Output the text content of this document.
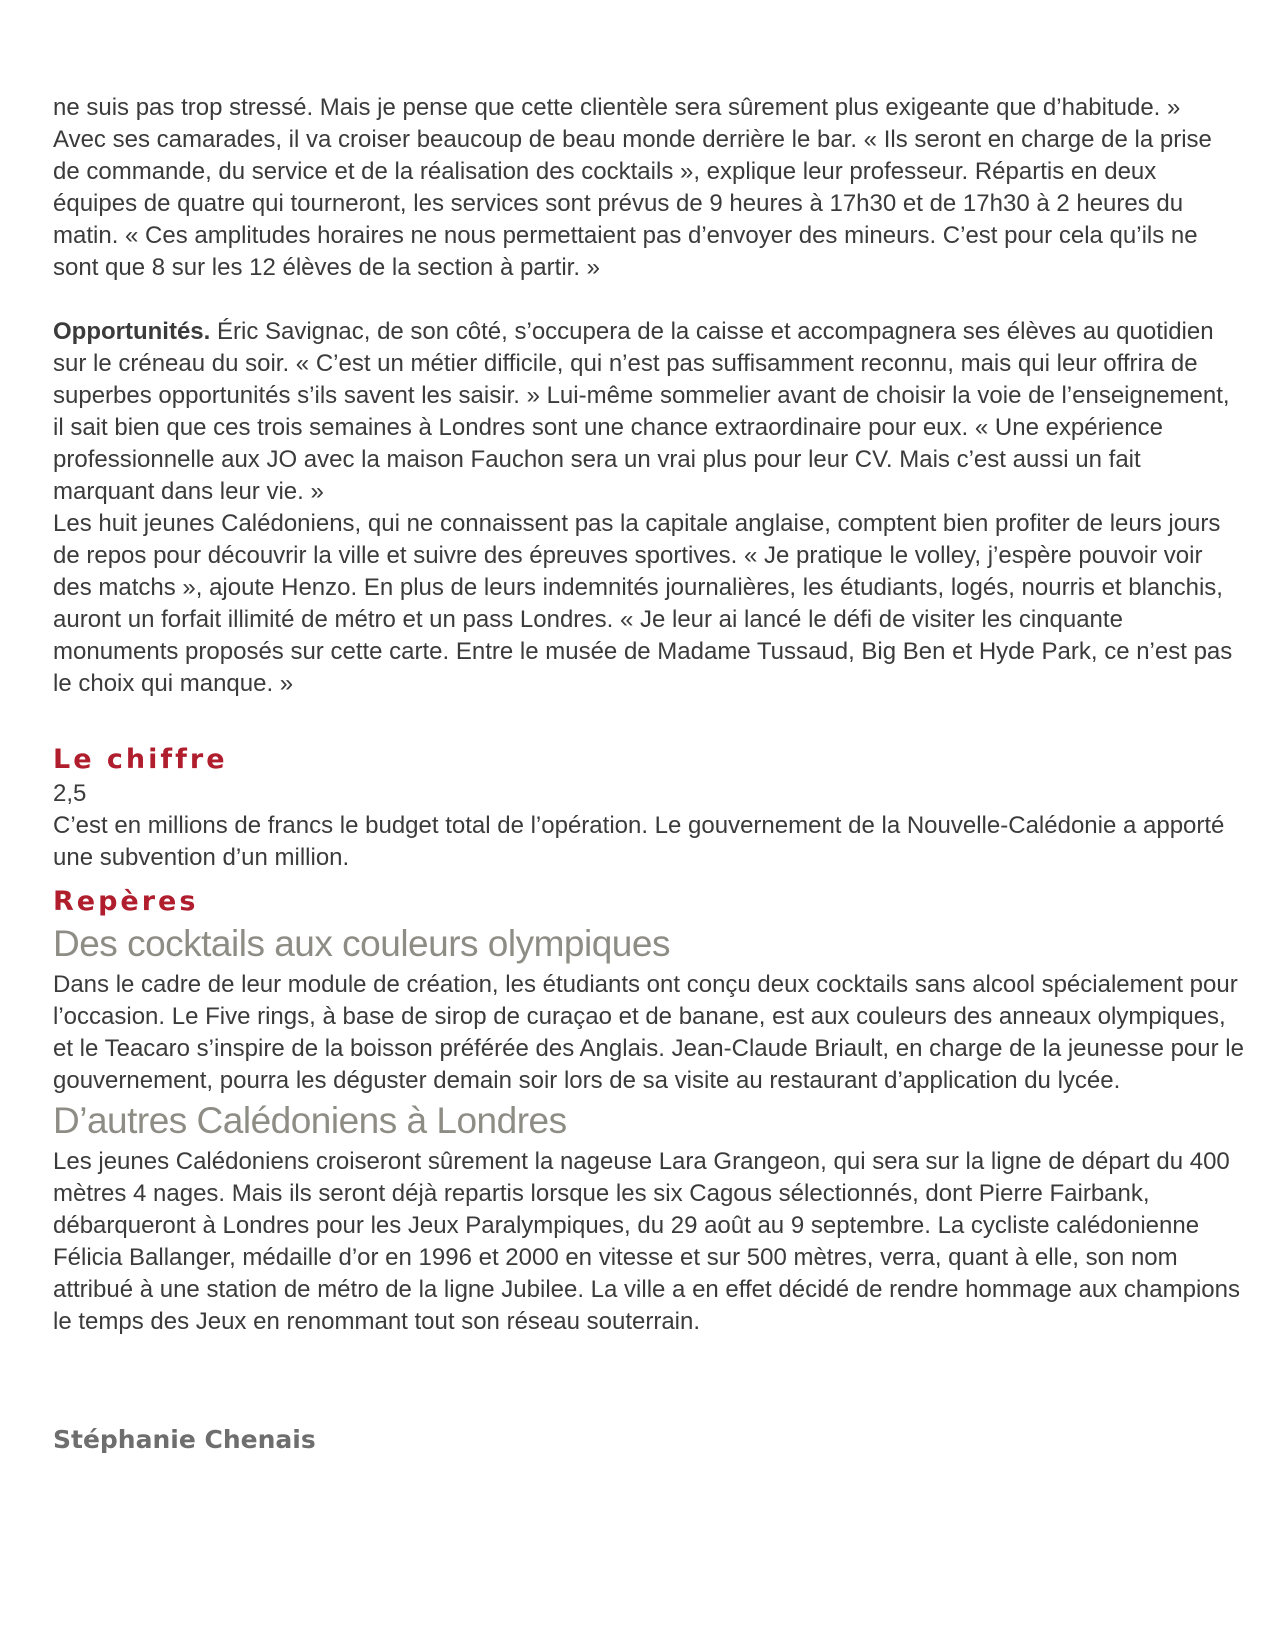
ne suis pas trop stressé. Mais je pense que cette clientèle sera sûrement plus exigeante que d’habitude. »

Avec ses camarades, il va croiser beaucoup de beau monde derrière le bar. « Ils seront en charge de la prise de commande, du service et de la réalisation des cocktails », explique leur professeur. Répartis en deux équipes de quatre qui tourneront, les services sont prévus de 9 heures à 17h30 et de 17h30 à 2 heures du matin. « Ces amplitudes horaires ne nous permettaient pas d’envoyer des mineurs. C’est pour cela qu’ils ne sont que 8 sur les 12 élèves de la section à partir. »

Opportunités. Éric Savignac, de son côté, s’occupera de la caisse et accompagnera ses élèves au quotidien sur le créneau du soir. « C’est un métier difficile, qui n’est pas suffisamment reconnu, mais qui leur offrira de superbes opportunités s’ils savent les saisir. » Lui-même sommelier avant de choisir la voie de l’enseignement, il sait bien que ces trois semaines à Londres sont une chance extraordinaire pour eux. « Une expérience professionnelle aux JO avec la maison Fauchon sera un vrai plus pour leur CV. Mais c’est aussi un fait marquant dans leur vie. »

Les huit jeunes Calédoniens, qui ne connaissent pas la capitale anglaise, comptent bien profiter de leurs jours de repos pour découvrir la ville et suivre des épreuves sportives. « Je pratique le volley, j’espère pouvoir voir des matchs », ajoute Henzo. En plus de leurs indemnités journalières, les étudiants, logés, nourris et blanchis, auront un forfait illimité de métro et un pass Londres. « Je leur ai lancé le défi de visiter les cinquante monuments proposés sur cette carte. Entre le musée de Madame Tussaud, Big Ben et Hyde Park, ce n’est pas le choix qui manque. »

Le chiffre

2,5

C’est en millions de francs le budget total de l’opération. Le gouvernement de la Nouvelle-Calédonie a apporté une subvention d’un million.

Repères
Des cocktails aux couleurs olympiques

Dans le cadre de leur module de création, les étudiants ont conçu deux cocktails sans alcool spécialement pour l’occasion. Le Five rings, à base de sirop de curaçao et de banane, est aux couleurs des anneaux olympiques, et le Teacaro s’inspire de la boisson préférée des Anglais. Jean-Claude Briault, en charge de la jeunesse pour le gouvernement, pourra les déguster demain soir lors de sa visite au restaurant d’application du lycée.

D’autres Calédoniens à Londres

Les jeunes Calédoniens croiseront sûrement la nageuse Lara Grangeon, qui sera sur la ligne de départ du 400 mètres 4 nages. Mais ils seront déjà repartis lorsque les six Cagous sélectionnés, dont Pierre Fairbank, débarqueront à Londres pour les Jeux Paralympiques, du 29 août au 9 septembre. La cycliste calédonienne Félicia Ballanger, médaille d’or en 1996 et 2000 en vitesse et sur 500 mètres, verra, quant à elle, son nom attribué à une station de métro de la ligne Jubilee. La ville a en effet décidé de rendre hommage aux champions le temps des Jeux en renommant tout son réseau souterrain.

Stéphanie Chenais
